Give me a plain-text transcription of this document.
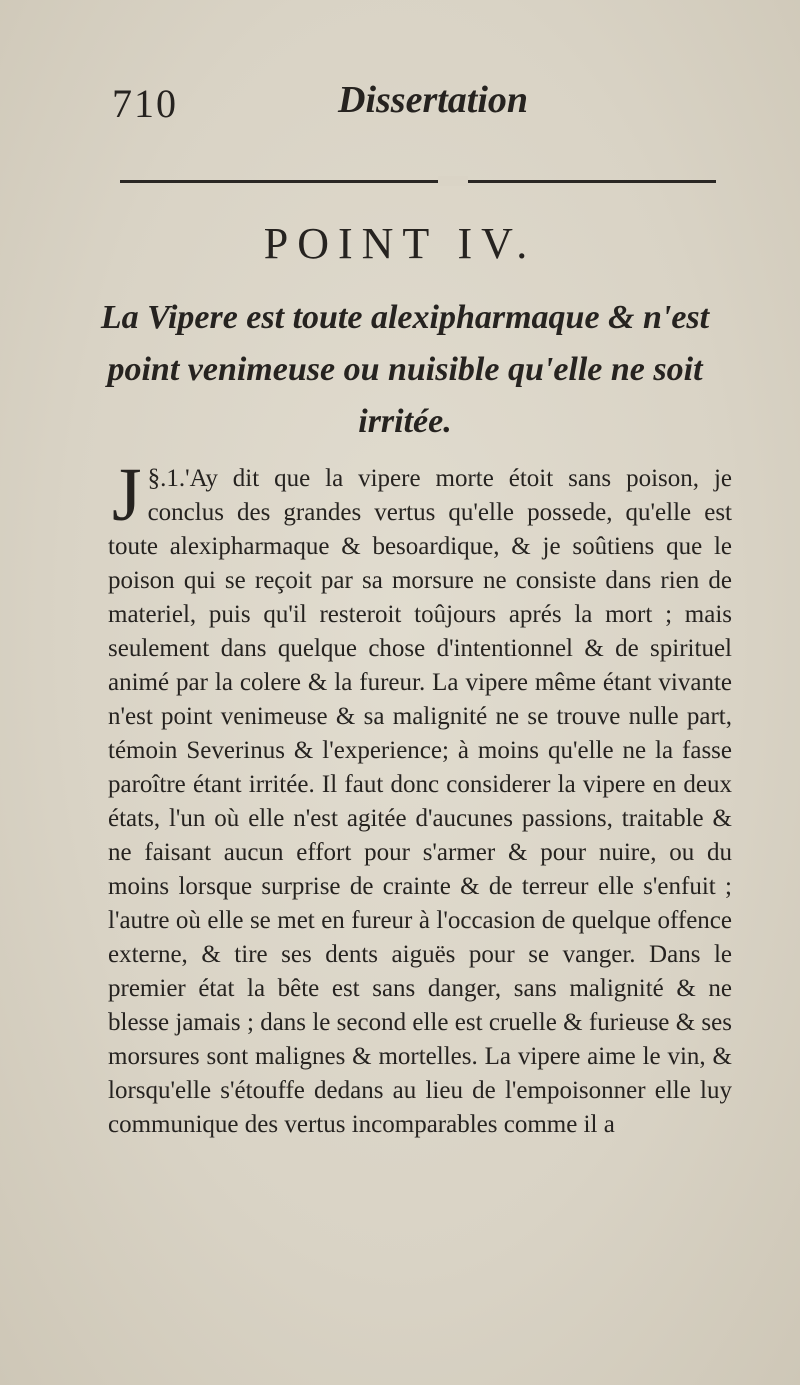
710	Dissertation
POINT IV.
La Vipere est toute alexipharmaque & n'est point venimeuse ou nuisible qu'elle ne soit irritée.

§.1.
J 'Ay dit que la vipere morte étoit sans poison, je conclus des grandes vertus qu'elle possede, qu'elle est toute alexipharmaque & besoardique, & je soûtiens que le poison qui se reçoit par sa morsure ne consiste dans rien de materiel, puis qu'il resteroit toûjours aprés la mort ; mais seulement dans quelque chose d'intentionnel & de spirituel animé par la colere & la fureur. La vipere même étant vivante n'est point venimeuse & sa malignité ne se trouve nulle part, témoin Severinus & l'experience; à moins qu'elle ne la fasse paroître étant irritée. Il faut donc considerer la vipere en deux états, l'un où elle n'est agitée d'aucunes passions, traitable & ne faisant aucun effort pour s'armer & pour nuire, ou du moins lorsque surprise de crainte & de terreur elle s'enfuit ; l'autre où elle se met en fureur à l'occasion de quelque offence externe, & tire ses dents aiguës pour se vanger. Dans le premier état la bête est sans danger, sans malignité & ne blesse jamais ; dans le second elle est cruelle & furieuse & ses morsures sont malignes & mortelles. La vipere aime le vin, & lorsqu'elle s'étouffe dedans au lieu de l'empoisonner elle luy communique des vertus incomparables comme il a
